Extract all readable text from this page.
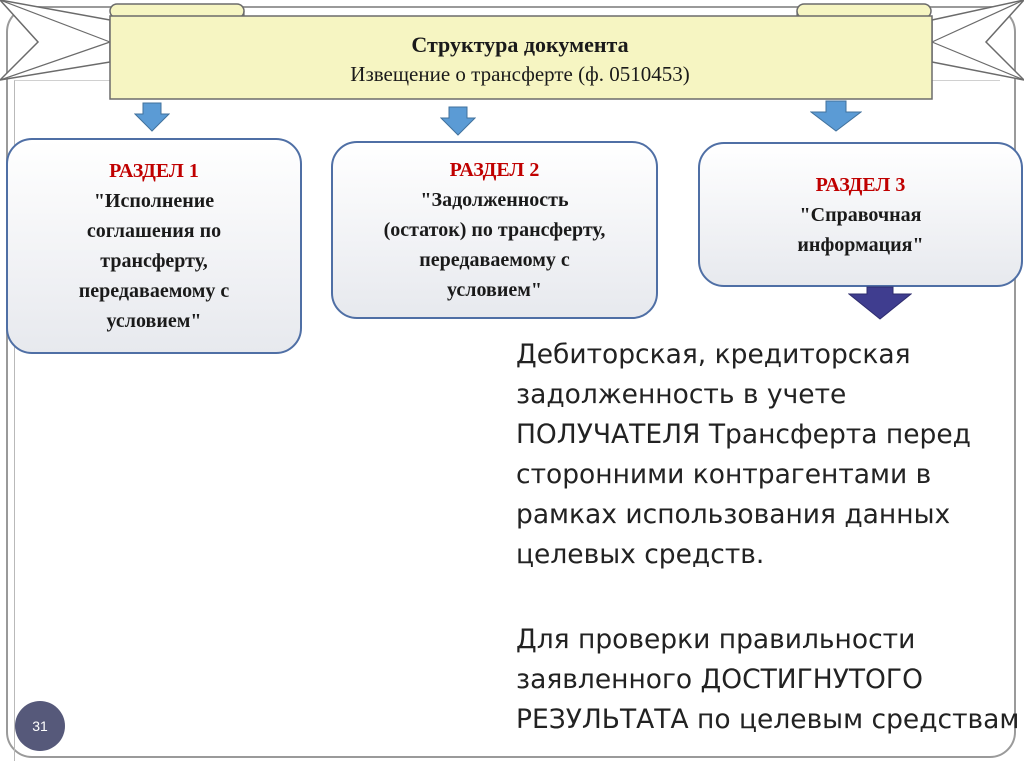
Структура документа
Извещение о трансферте (ф. 0510453)
РАЗДЕЛ 1
"Исполнение
соглашения по
трансферту,
передаваемому с
условием"
РАЗДЕЛ 2
"Задолженность
(остаток) по трансферту,
передаваемому с
условием"
РАЗДЕЛ 3
"Справочная
информация"
Дебиторская, кредиторская
задолженность в учете
ПОЛУЧАТЕЛЯ Трансферта перед
сторонними контрагентами в
рамках использования данных
целевых средств.
Для проверки правильности
заявленного ДОСТИГНУТОГО
РЕЗУЛЬТАТА по целевым средствам
31
